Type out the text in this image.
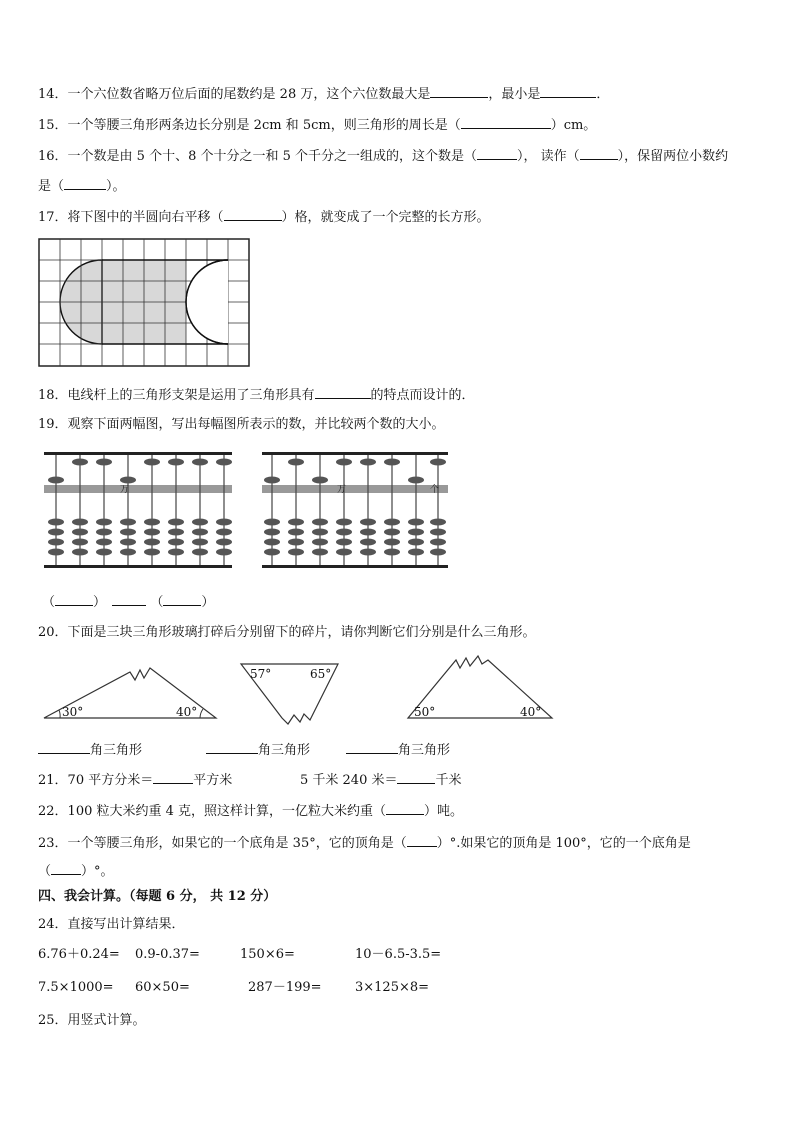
14．一个六位数省略万位后面的尾数约是 28 万，这个六位数最大是	，最小是	．
15．一个等腰三角形两条边长分别是 2cm 和 5cm，则三角形的周长是（	）cm。
16．一个数是由 5 个十、8 个十分之一和 5 个千分之一组成的，这个数是（	）， 读作（	），保留两位小数约
是（	）。
17．将下图中的半圆向右平移（	）格，就变成了一个完整的长方形。
18．电线杆上的三角形支架是运用了三角形具有	的特点而设计的．
19．观察下面两幅图，写出每幅图所表示的数，并比较两个数的大小。
万	万	个
（	）	（	）
20．下面是三块三角形玻璃打碎后分别留下的碎片，请你判断它们分别是什么三角形。
30°	40°
57°	65°
50°	40°
角三角形	角三角形	角三角形
21．70 平方分米＝	平方米	5 千米 240 米＝	千米
22．100 粒大米约重 4 克，照这样计算，一亿粒大米约重（	）吨。
23．一个等腰三角形，如果它的一个底角是 35°，它的顶角是（ ）°.如果它的顶角是 100°，它的一个底角是
（ ）°。
四、我会计算。（每题 6 分， 共 12 分）
24．直接写出计算结果．
6.76＋0.24= 0.9-0.37=	150×6=	10－6.5-3.5=
7.5×1000= 60×50=	287－199=	3×125×8=
25．用竖式计算。
